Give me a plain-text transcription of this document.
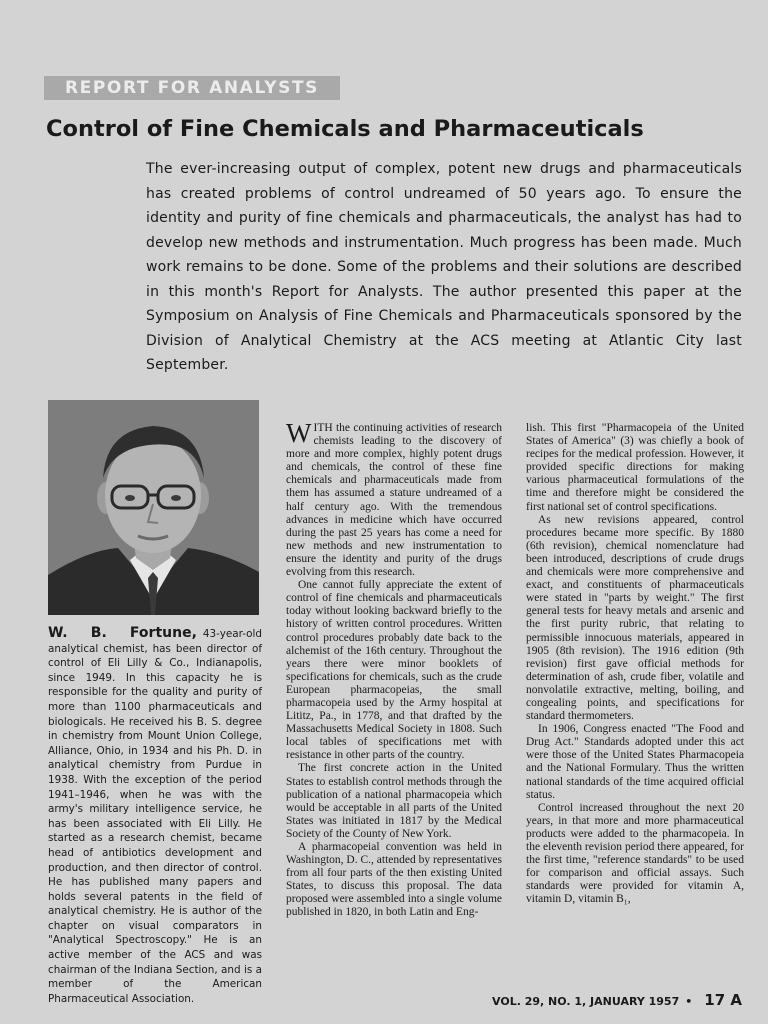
REPORT FOR ANALYSTS
Control of Fine Chemicals and Pharmaceuticals

The ever-increasing output of complex, potent new drugs and pharmaceuticals has created problems of control undreamed of 50 years ago. To ensure the identity and purity of fine chemicals and pharmaceuticals, the analyst has had to develop new methods and instrumentation. Much progress has been made. Much work remains to be done. Some of the problems and their solutions are described in this month's Report for Analysts. The author presented this paper at the Symposium on Analysis of Fine Chemicals and Pharmaceuticals sponsored by the Division of Analytical Chemistry at the ACS meeting at Atlantic City last September.

W. B. Fortune, 43-year-old analytical chemist, has been director of control of Eli Lilly & Co., Indianapolis, since 1949. In this capacity he is responsible for the quality and purity of more than 1100 pharmaceuticals and biologicals. He received his B. S. degree in chemistry from Mount Union College, Alliance, Ohio, in 1934 and his Ph. D. in analytical chemistry from Purdue in 1938. With the exception of the period 1941–1946, when he was with the army's military intelligence service, he has been associated with Eli Lilly. He started as a research chemist, became head of antibiotics development and production, and then director of control. He has published many papers and holds several patents in the field of analytical chemistry. He is author of the chapter on visual comparators in "Analytical Spectroscopy." He is an active member of the ACS and was chairman of the Indiana Section, and is a member of the American Pharmaceutical Association.

WITH the continuing activities of research chemists leading to the discovery of more and more complex, highly potent drugs and chemicals, the control of these fine chemicals and pharmaceuticals made from them has assumed a stature undreamed of a half century ago. With the tremendous advances in medicine which have occurred during the past 25 years has come a need for new methods and new instrumentation to ensure the identity and purity of the drugs evolving from this research.

One cannot fully appreciate the extent of control of fine chemicals and pharmaceuticals today without looking backward briefly to the history of written control procedures. Written control procedures probably date back to the alchemist of the 16th century. Throughout the years there were minor booklets of specifications for chemicals, such as the crude European pharmacopeias, the small pharmacopeia used by the Army hospital at Lititz, Pa., in 1778, and that drafted by the Massachusetts Medical Society in 1808. Such local tables of specifications met with resistance in other parts of the country.

The first concrete action in the United States to establish control methods through the publication of a national pharmacopeia which would be acceptable in all parts of the United States was initiated in 1817 by the Medical Society of the County of New York.

A pharmacopeial convention was held in Washington, D. C., attended by representatives from all four parts of the then existing United States, to discuss this proposal. The data proposed were assembled into a single volume published in 1820, in both Latin and Eng-

lish. This first "Pharmacopeia of the United States of America" (3) was chiefly a book of recipes for the medical profession. However, it provided specific directions for making various pharmaceutical formulations of the time and therefore might be considered the first national set of control specifications.

As new revisions appeared, control procedures became more specific. By 1880 (6th revision), chemical nomenclature had been introduced, descriptions of crude drugs and chemicals were more comprehensive and exact, and constituents of pharmaceuticals were stated in "parts by weight." The first general tests for heavy metals and arsenic and the first purity rubric, that relating to permissible innocuous materials, appeared in 1905 (8th revision). The 1916 edition (9th revision) first gave official methods for determination of ash, crude fiber, volatile and nonvolatile extractive, melting, boiling, and congealing points, and specifications for standard thermometers.

In 1906, Congress enacted "The Food and Drug Act." Standards adopted under this act were those of the United States Pharmacopeia and the National Formulary. Thus the written national standards of the time acquired official status.

Control increased throughout the next 20 years, in that more and more pharmaceutical products were added to the pharmacopeia. In the eleventh revision period there appeared, for the first time, "reference standards" to be used for comparison and official assays. Such standards were provided for vitamin A, vitamin D, vitamin B₁,

VOL. 29, NO. 1, JANUARY 1957 • 17 A
